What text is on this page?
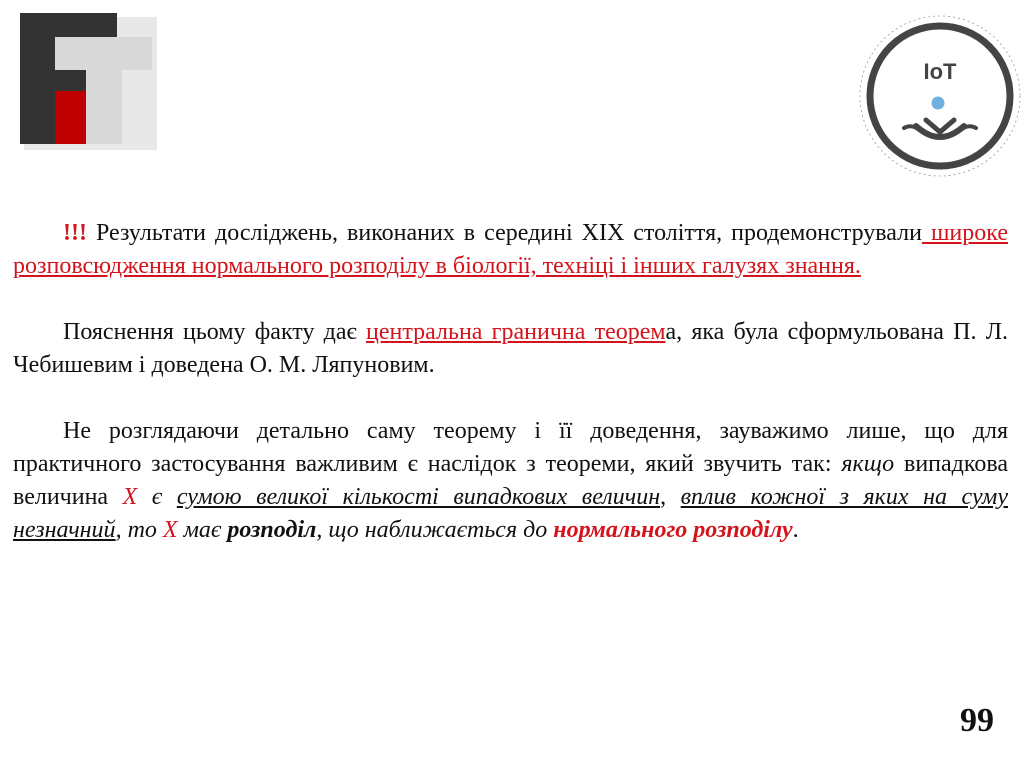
IoT

!!! Результати досліджень, виконаних в середині XIX століття, продемонстрували широке розповсюдження нормального розподілу в біології, техніці і інших галузях знання.

Пояснення цьому факту дає центральна гранична теорема, яка була сформульована П. Л. Чебишевим і доведена О. М. Ляпуновим.

Не розглядаючи детально саму теорему і її доведення, зауважимо лише, що для практичного застосування важливим є наслідок з теореми, який звучить так: якщо випадкова величина Х є сумою великої кількості випадкових величин, вплив кожної з яких на суму незначний, то Х має розподіл, що наближається до нормального розподілу.

99
